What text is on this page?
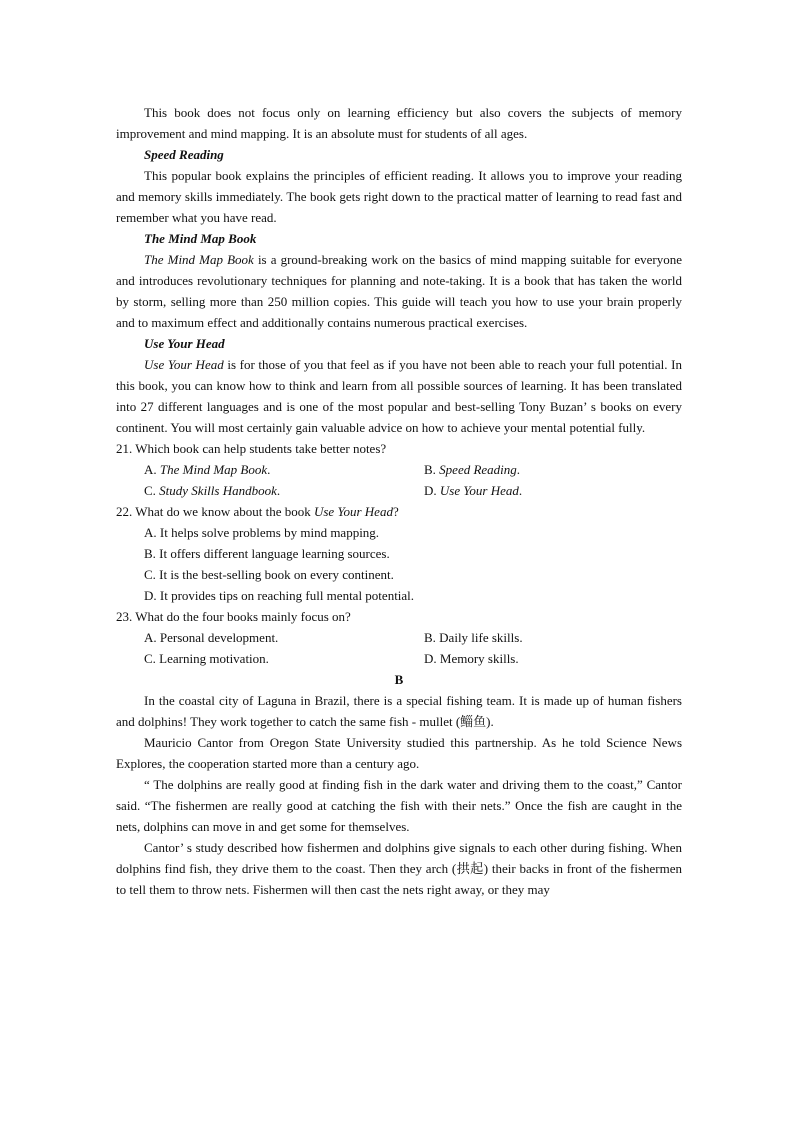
This book does not focus only on learning efficiency but also covers the subjects of memory improvement and mind mapping. It is an absolute must for students of all ages.

Speed Reading

This popular book explains the principles of efficient reading. It allows you to improve your reading and memory skills immediately. The book gets right down to the practical matter of learning to read fast and remember what you have read.

The Mind Map Book

The Mind Map Book is a ground-breaking work on the basics of mind mapping suitable for everyone and introduces revolutionary techniques for planning and note-taking. It is a book that has taken the world by storm, selling more than 250 million copies. This guide will teach you how to use your brain properly and to maximum effect and additionally contains numerous practical exercises.

Use Your Head

Use Your Head is for those of you that feel as if you have not been able to reach your full potential. In this book, you can know how to think and learn from all possible sources of learning. It has been translated into 27 different languages and is one of the most popular and best-selling Tony Buzan’ s books on every continent. You will most certainly gain valuable advice on how to achieve your mental potential fully.

21. Which book can help students take better notes?

A. The Mind Map Book.	B. Speed Reading.
C. Study Skills Handbook.	D. Use Your Head.

22. What do we know about the book Use Your Head?

A. It helps solve problems by mind mapping.

B. It offers different language learning sources.

C. It is the best-selling book on every continent.

D. It provides tips on reaching full mental potential.

23. What do the four books mainly focus on?

A. Personal development.	B. Daily life skills.
C. Learning motivation.	D. Memory skills.

B

In the coastal city of Laguna in Brazil, there is a special fishing team. It is made up of human fishers and dolphins! They work together to catch the same fish - mullet (鲻鱼).

Mauricio Cantor from Oregon State University studied this partnership. As he told Science News Explores, the cooperation started more than a century ago.

“ The dolphins are really good at finding fish in the dark water and driving them to the coast,” Cantor said. “The fishermen are really good at catching the fish with their nets.” Once the fish are caught in the nets, dolphins can move in and get some for themselves.

Cantor’ s study described how fishermen and dolphins give signals to each other during fishing. When dolphins find fish, they drive them to the coast. Then they arch (拱起) their backs in front of the fishermen to tell them to throw nets. Fishermen will then cast the nets right away, or they may
